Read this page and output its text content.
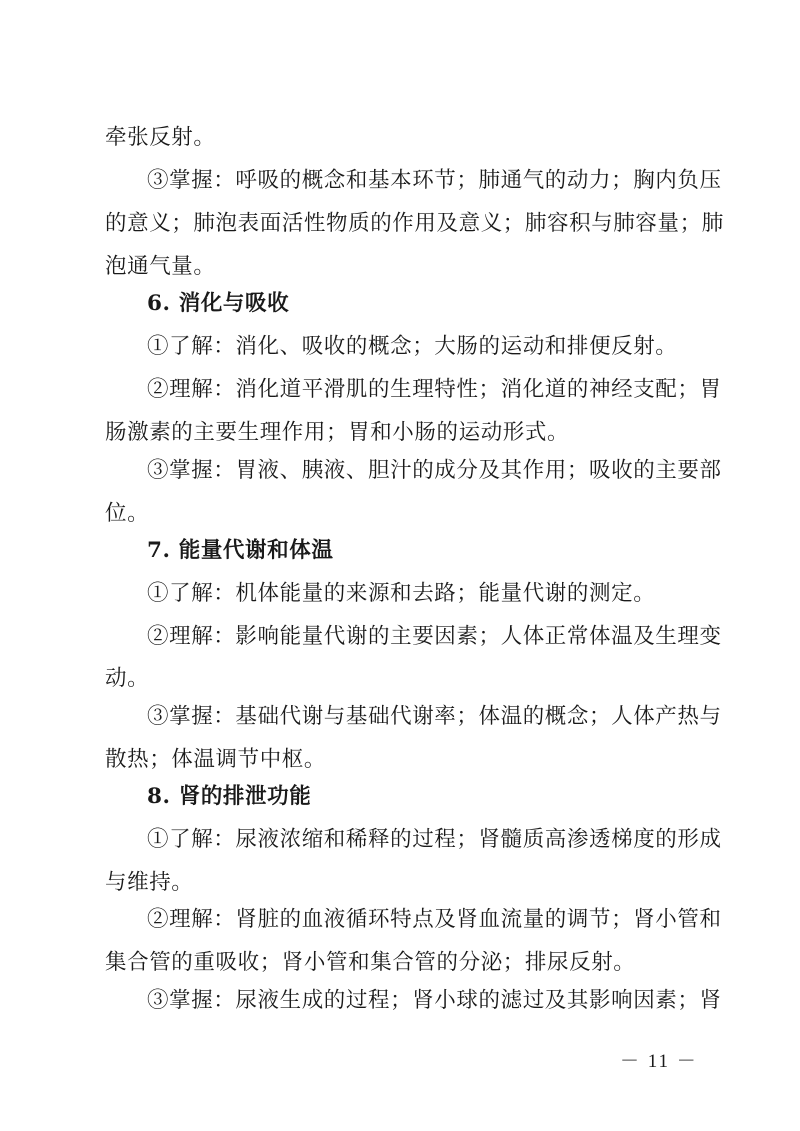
牵张反射。
③掌握：呼吸的概念和基本环节；肺通气的动力；胸内负压
的意义；肺泡表面活性物质的作用及意义；肺容积与肺容量；肺
泡通气量。
6. 消化与吸收
①了解：消化、吸收的概念；大肠的运动和排便反射。
②理解：消化道平滑肌的生理特性；消化道的神经支配；胃
肠激素的主要生理作用；胃和小肠的运动形式。
③掌握：胃液、胰液、胆汁的成分及其作用；吸收的主要部
位。
7. 能量代谢和体温
①了解：机体能量的来源和去路；能量代谢的测定。
②理解：影响能量代谢的主要因素；人体正常体温及生理变
动。
③掌握：基础代谢与基础代谢率；体温的概念；人体产热与
散热；体温调节中枢。
8. 肾的排泄功能
①了解：尿液浓缩和稀释的过程；肾髓质高渗透梯度的形成
与维持。
②理解：肾脏的血液循环特点及肾血流量的调节；肾小管和
集合管的重吸收；肾小管和集合管的分泌；排尿反射。
③掌握：尿液生成的过程；肾小球的滤过及其影响因素；肾
－ 11 －
